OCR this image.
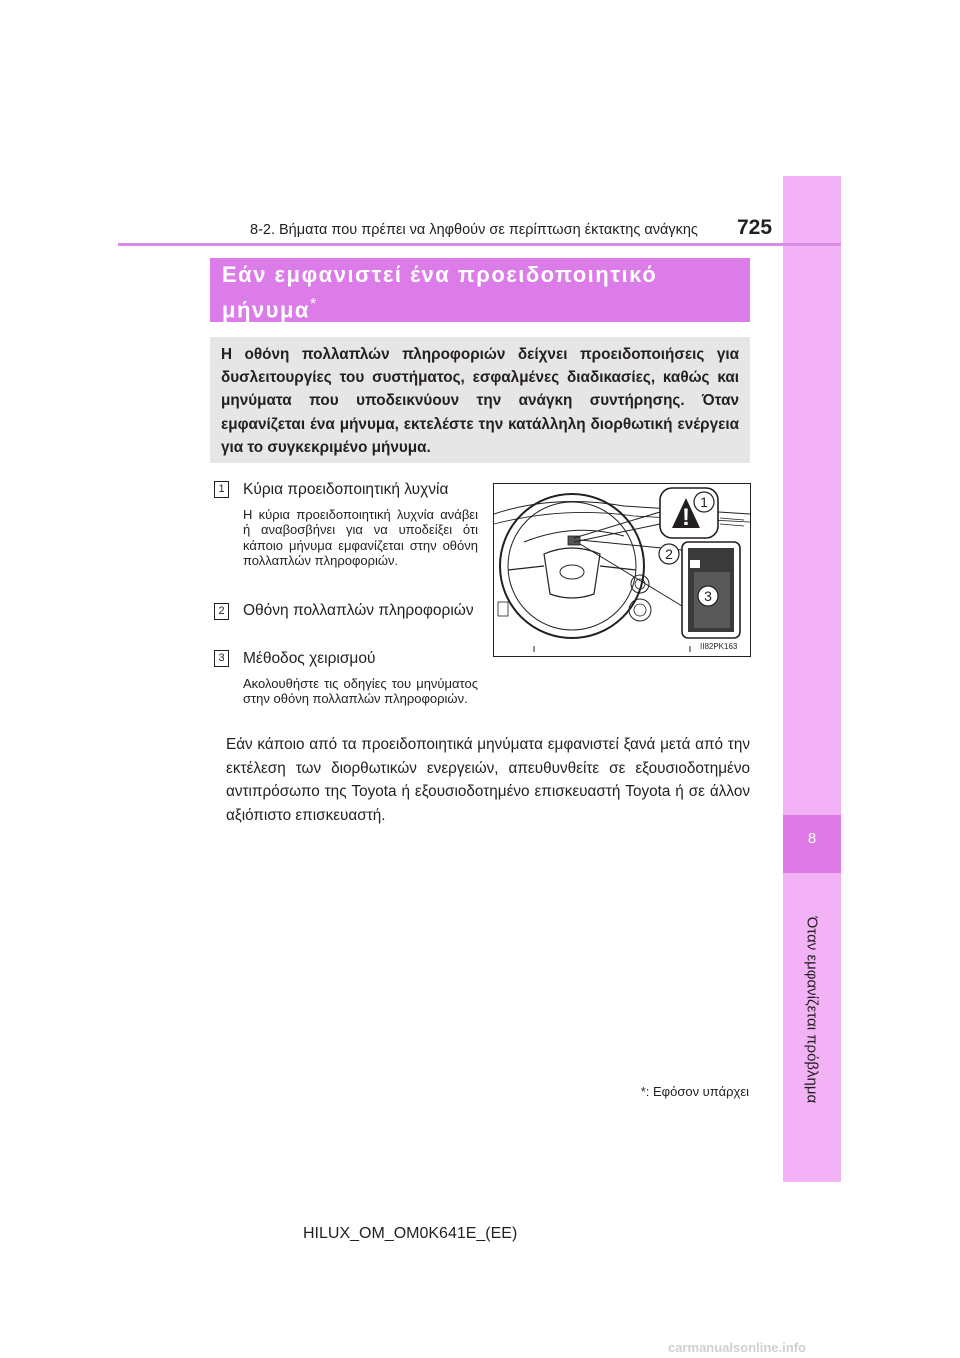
8
Όταν εμφανίζεται πρόβλημα
8-2. Βήματα που πρέπει να ληφθούν σε περίπτωση έκτακτης ανάγκης 725
Εάν εμφανιστεί ένα προειδοποιητικό μήνυμα*
Η οθόνη πολλαπλών πληροφοριών δείχνει προειδοποιήσεις για δυσλειτουργίες του συστήματος, εσφαλμένες διαδικασίες, καθώς και μηνύματα που υποδεικνύουν την ανάγκη συντήρησης. Όταν εμφανίζεται ένα μήνυμα, εκτελέστε την κατάλληλη διορθωτική ενέργεια για το συγκεκριμένο μήνυμα.
1 Κύρια προειδοποιητική λυχνία
Η κύρια προειδοποιητική λυχνία ανάβει ή αναβοσβήνει για να υποδείξει ότι κάποιο μήνυμα εμφανίζεται στην οθόνη πολλαπλών πληροφοριών.
2 Οθόνη πολλαπλών πληροφοριών
3 Μέθοδος χειρισμού
Ακολουθήστε τις οδηγίες του μηνύματος στην οθόνη πολλαπλών πληροφοριών.
!
1
2
3
II82PK163
Εάν κάποιο από τα προειδοποιητικά μηνύματα εμφανιστεί ξανά μετά από την εκτέλεση των διορθωτικών ενεργειών, απευθυνθείτε σε εξουσιοδοτημένο αντιπρόσωπο της Toyota ή εξουσιοδοτημένο επισκευαστή Toyota ή σε άλλον αξιόπιστο επισκευαστή.
*: Εφόσον υπάρχει
HILUX_OM_OM0K641E_(EE)
carmanualsonline.info
